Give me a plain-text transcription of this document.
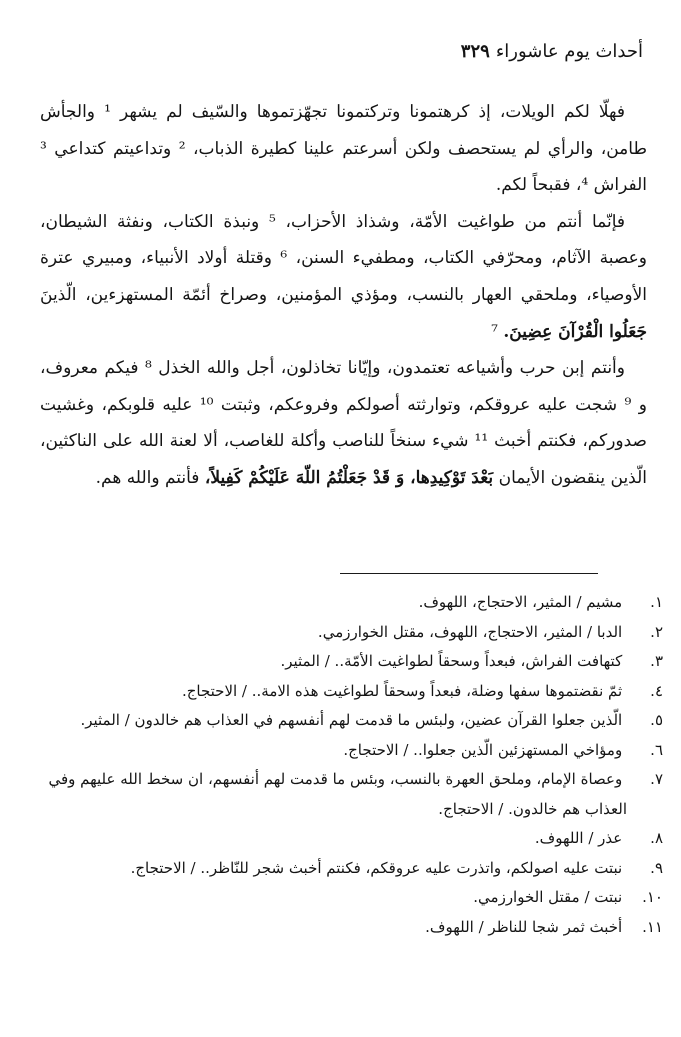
أحداث يوم عاشوراء٣٢٩

فهلّا لكم الويلات، إذ كرهتمونا وتركتمونا تجهّزتموها والسّيف لم يشهر ¹ والجأش طامن، والرأي لم يستحصف ولكن أسرعتم علينا كطيرة الذباب، ² وتداعيتم كتداعي ³ الفراش ⁴، فقبحاً لكم.

فإنّما أنتم من طواغيت الأمّة، وشذاذ الأحزاب، ⁵ ونبذة الكتاب، ونفثة الشيطان، وعصبة الآثام، ومحرّفي الكتاب، ومطفيء السنن، ⁶ وقتلة أولاد الأنبياء، ومبيري عترة الأوصياء، وملحقي العهار بالنسب، ومؤذي المؤمنين، وصراخ أئمّة المستهزءين، الّذينَ جَعَلُوا الْقُرْآنَ عِضِينَ. ⁷

وأنتم إبن حرب وأشياعه تعتمدون، وإيّانا تخاذلون، أجل والله الخذل ⁸ فيكم معروف، و ⁹ شجت عليه عروقكم، وتوارثته أصولكم وفروعكم، وثبتت ¹⁰ عليه قلوبكم، وغشيت صدوركم، فكنتم أخبث ¹¹ شيء سنخاً للناصب وأكلة للغاصب، ألا لعنة الله على الناكثين، الّذين ينقضون الأيمان بَعْدَ تَوْكِيدِها، وَ قَدْ جَعَلْتُمُ اللّهَ عَلَيْكُمْ كَفِيلاً، فأنتم والله هم.

١. مشيم / المثير، الاحتجاج، اللهوف.
٢. الدبا / المثير، الاحتجاج، اللهوف، مقتل الخوارزمي.
٣. كتهافت الفراش، فبعداً وسحقاً لطواغيت الأمّة.. / المثير.
٤. ثمّ نقضتموها سفها وضلة، فبعداً وسحقاً لطواغيت هذه الامة.. / الاحتجاج.
٥. الّذين جعلوا القرآن عضين، ولبئس ما قدمت لهم أنفسهم في العذاب هم خالدون / المثير.
٦. ومؤاخي المستهزئين الّذين جعلوا.. / الاحتجاج.
٧. وعصاة الإمام، وملحق العهرة بالنسب، وبئس ما قدمت لهم أنفسهم، ان سخط الله عليهم وفي العذاب هم خالدون. / الاحتجاج.
٨. عذر / اللهوف.
٩. نبتت عليه اصولكم، واتذرت عليه عروقكم، فكنتم أخبث شجر للنّاظر.. / الاحتجاج.
١٠. نبتت / مقتل الخوارزمي.
١١. أخبث ثمر شجا للناظر / اللهوف.
